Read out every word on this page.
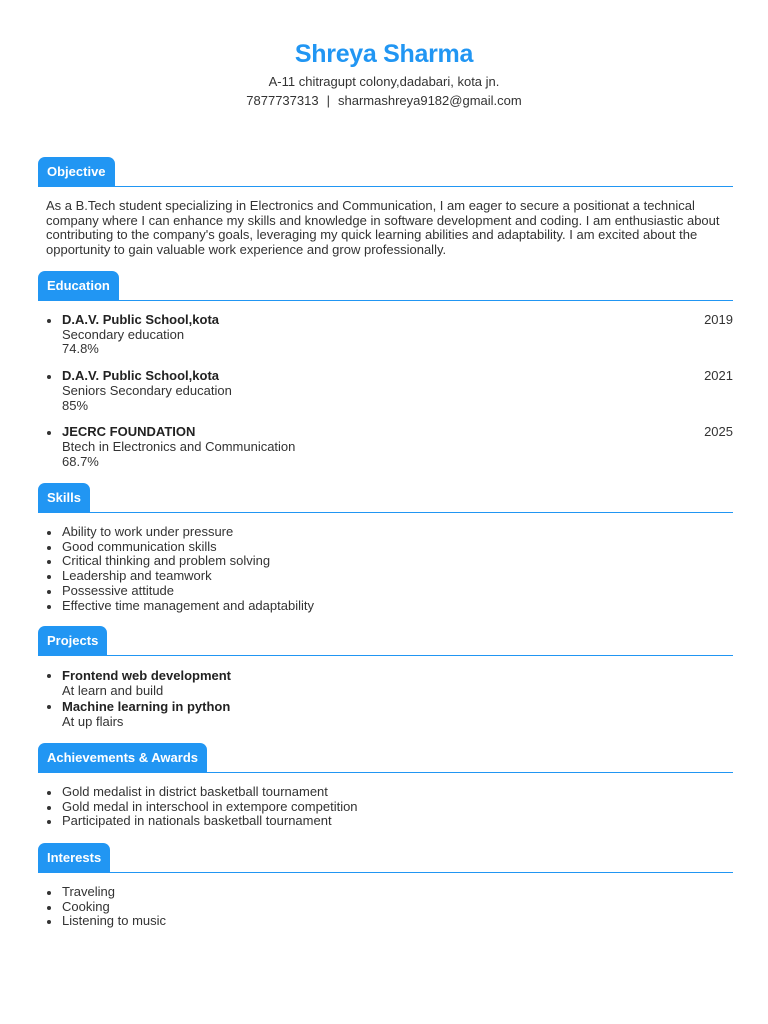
Shreya Sharma
A-11 chitragupt colony,dadabari, kota jn.
7877737313 | sharmashreya9182@gmail.com
Objective
As a B.Tech student specializing in Electronics and Communication, I am eager to secure a positionat a technical company where I can enhance my skills and knowledge in software development and coding. I am enthusiastic about contributing to the company's goals, leveraging my quick learning abilities and adaptability. I am excited about the opportunity to gain valuable work experience and grow professionally.
Education
D.A.V. Public School,kota	2019
Secondary education
74.8%
D.A.V. Public School,kota	2021
Seniors Secondary education
85%
JECRC FOUNDATION	2025
Btech in Electronics and Communication
68.7%
Skills
Ability to work under pressure
Good communication skills
Critical thinking and problem solving
Leadership and teamwork
Possessive attitude
Effective time management and adaptability
Projects
Frontend web development
At learn and build
Machine learning in python
At up flairs
Achievements & Awards
Gold medalist in district basketball tournament
Gold medal in interschool in extempore competition
Participated in nationals basketball tournament
Interests
Traveling
Cooking
Listening to music
